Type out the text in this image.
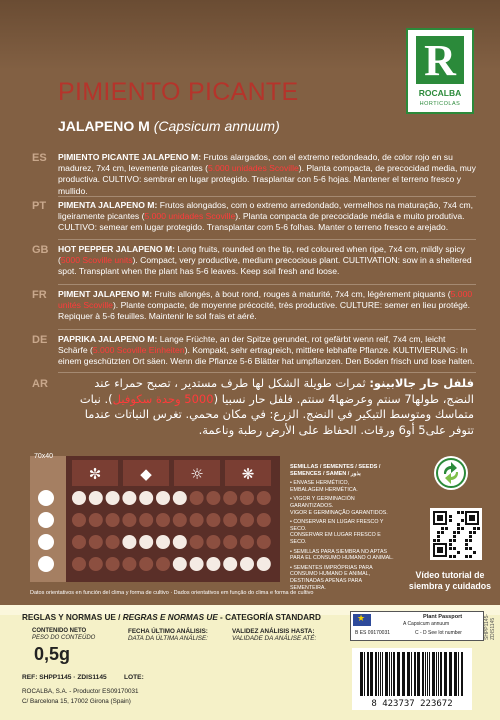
R
ROCALBA
HORTICOLAS
PIMIENTO PICANTE
JALAPENO M (Capsicum annuum)
ES PIMIENTO PICANTE JALAPENO M: Frutos alargados, con el extremo redondeado, de color rojo en su madurez, 7x4 cm, levemente picantes (5.000 unidades Scoville). Planta compacta, de precocidad media, muy productiva. CULTIVO: sembrar en lugar protegido. Trasplantar con 5-6 hojas. Mantener el terreno fresco y mullido.
PT PIMENTA JALAPENO M: Frutos alongados, com o extremo arredondado, vermelhos na maturação, 7x4 cm, ligeiramente picantes (5.000 unidades Scoville). Planta compacta de precocidade média e muito produtiva. CULTIVO: semear em lugar protegido. Transplantar com 5-6 folhas. Manter o terreno fresco e arejado.
GB HOT PEPPER JALAPENO M: Long fruits, rounded on the tip, red coloured when ripe, 7x4 cm, mildly spicy (5000 Scoville units). Compact, very productive, medium precocious plant. CULTIVATION: sow in a sheltered spot. Transplant when the plant has 5-6 leaves. Keep soil fresh and loose.
FR PIMENT JALAPENO M: Fruits allongés, à bout rond, rouges à maturité, 7x4 cm, légèrement piquants (5.000 unités Scoville). Plante compacte, de moyenne précocité, très productive. CULTURE: semer en lieu protégé. Repiquer à 5-6 feuilles. Maintenir le sol frais et aéré.
DE PAPRIKA JALAPENO M: Lange Früchte, an der Spitze gerundet, rot gefärbt wenn reif, 7x4 cm, leicht Schärfe (5.000 Scoville Einheiten). Kompakt, sehr ertragreich, mittlere lebhafte Pflanze. KULTIVIERUNG: In einem geschützten Ort säen. Wenn die Pflanze 5-6 Blätter hat umpflanzen. Den Boden frisch und lose halten.
AR	فلفل حار جالابينو: ثمرات طويلة الشكل لها طرف مستدير ، تصبح حمراء عند النضج، طولها7 سنتم وعرضها4 سنتم. فلفل حار نسبيا (5000 وحدة سكوفيل). نبات متماسك ومتوسط التبكير في النضج. الزرع: في مكان محمي. تغرس النباتات عندما تتوفر على5 أو6 ورقات. الحفاظ على الأرض رطبة وناعمة.
✼	◆	☼	❋
70x40
Datos orientativos en función del clima y forma de cultivo · Dados orientativos em função do clima e forma de cultivo
SEMILLAS / SEMENTES / SEEDS / SEMENCES / SAMEN / بذور
• ENVASE HERMÉTICO,
EMBALAGEM HERMÉTICA.
• VIGOR Y GERMINACIÓN GARANTIZADOS.
VIGOR E GERMINAÇÃO GARANTIDOS.
• CONSERVAR EN LUGAR FRESCO Y SECO.
CONSERVAR EM LUGAR FRESCO E SECO.
• SEMILLAS PARA SIEMBRA NO APTAS PARA EL CONSUMO HUMANO O ANIMAL.
• SEMENTES IMPRÓPRIAS PARA CONSUMO HUMANO E ANIMAL, DESTINADAS APENAS PARA SEMENTEIRA.
Vídeo tutorial de
siembra y cuidados
REGLAS Y NORMAS UE / REGRAS E NORMAS UE - CATEGORÍA STANDARD
CONTENIDO NETO
PESO DO CONTEÚDO
0,5g
FECHA ÚLTIMO ANÁLISIS:
DATA DA ÚLTIMA ANÁLISE:
VALIDEZ ANÁLISIS HASTA:
VALIDADE DA ANÁLISE ATÉ:
REF: SHPP1145 · ZDIS1145	LOTE:
ROCALBA, S.A. - Productor ES09170031
C/ Barcelona 15, 17002 Girona (Spain)
★
Plant Passport
A Capsicum annuum
B ES 09170031	C - D See lot number
8 423737 223672
SHPP1145-ZDIS1145
